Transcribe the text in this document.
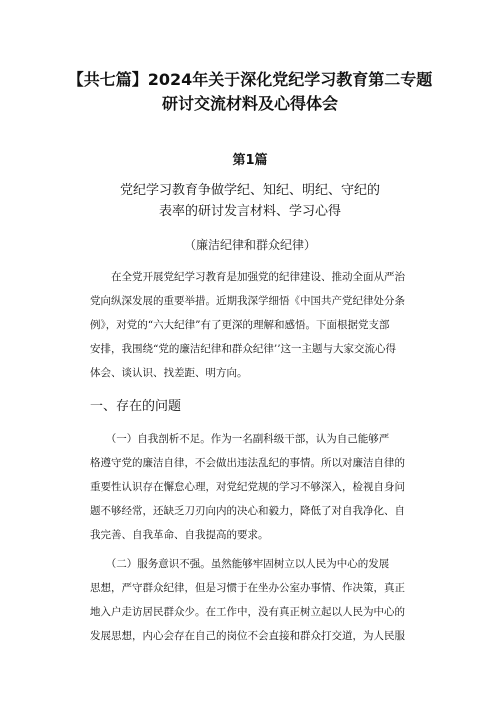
【共七篇】2024年关于深化党纪学习教育第二专题
研讨交流材料及心得体会
第1篇
党纪学习教育争做学纪、知纪、明纪、守纪的
表率的研讨发言材料、学习心得
（廉洁纪律和群众纪律）

　　在全党开展党纪学习教育是加强党的纪律建设、推动全面从严治
党向纵深发展的重要举措。近期我深学细悟《中国共产党纪律处分条
例》，对党的“六大纪律”有了更深的理解和感悟。下面根据党支部
安排，我围绕“党的廉洁纪律和群众纪律’’这一主题与大家交流心得
体会、谈认识、找差距、明方向。

一、存在的问题

　　（一）自我剖析不足。作为一名副科级干部，认为自己能够严
格遵守党的廉洁自律，不会做出违法乱纪的事情。所以对廉洁自律的
重要性认识存在懈怠心理，对党纪党规的学习不够深入，检视自身问
题不够经常，还缺乏刀刃向内的决心和毅力，降低了对自我净化、自
我完善、自我革命、自我提高的要求。

　　（二）服务意识不强。虽然能够牢固树立以人民为中心的发展
思想，严守群众纪律，但是习惯于在坐办公室办事情、作决策，真正
地入户走访居民群众少。在工作中，没有真正树立起以人民为中心的
发展思想，内心会存在自己的岗位不会直接和群众打交道，为人民服
